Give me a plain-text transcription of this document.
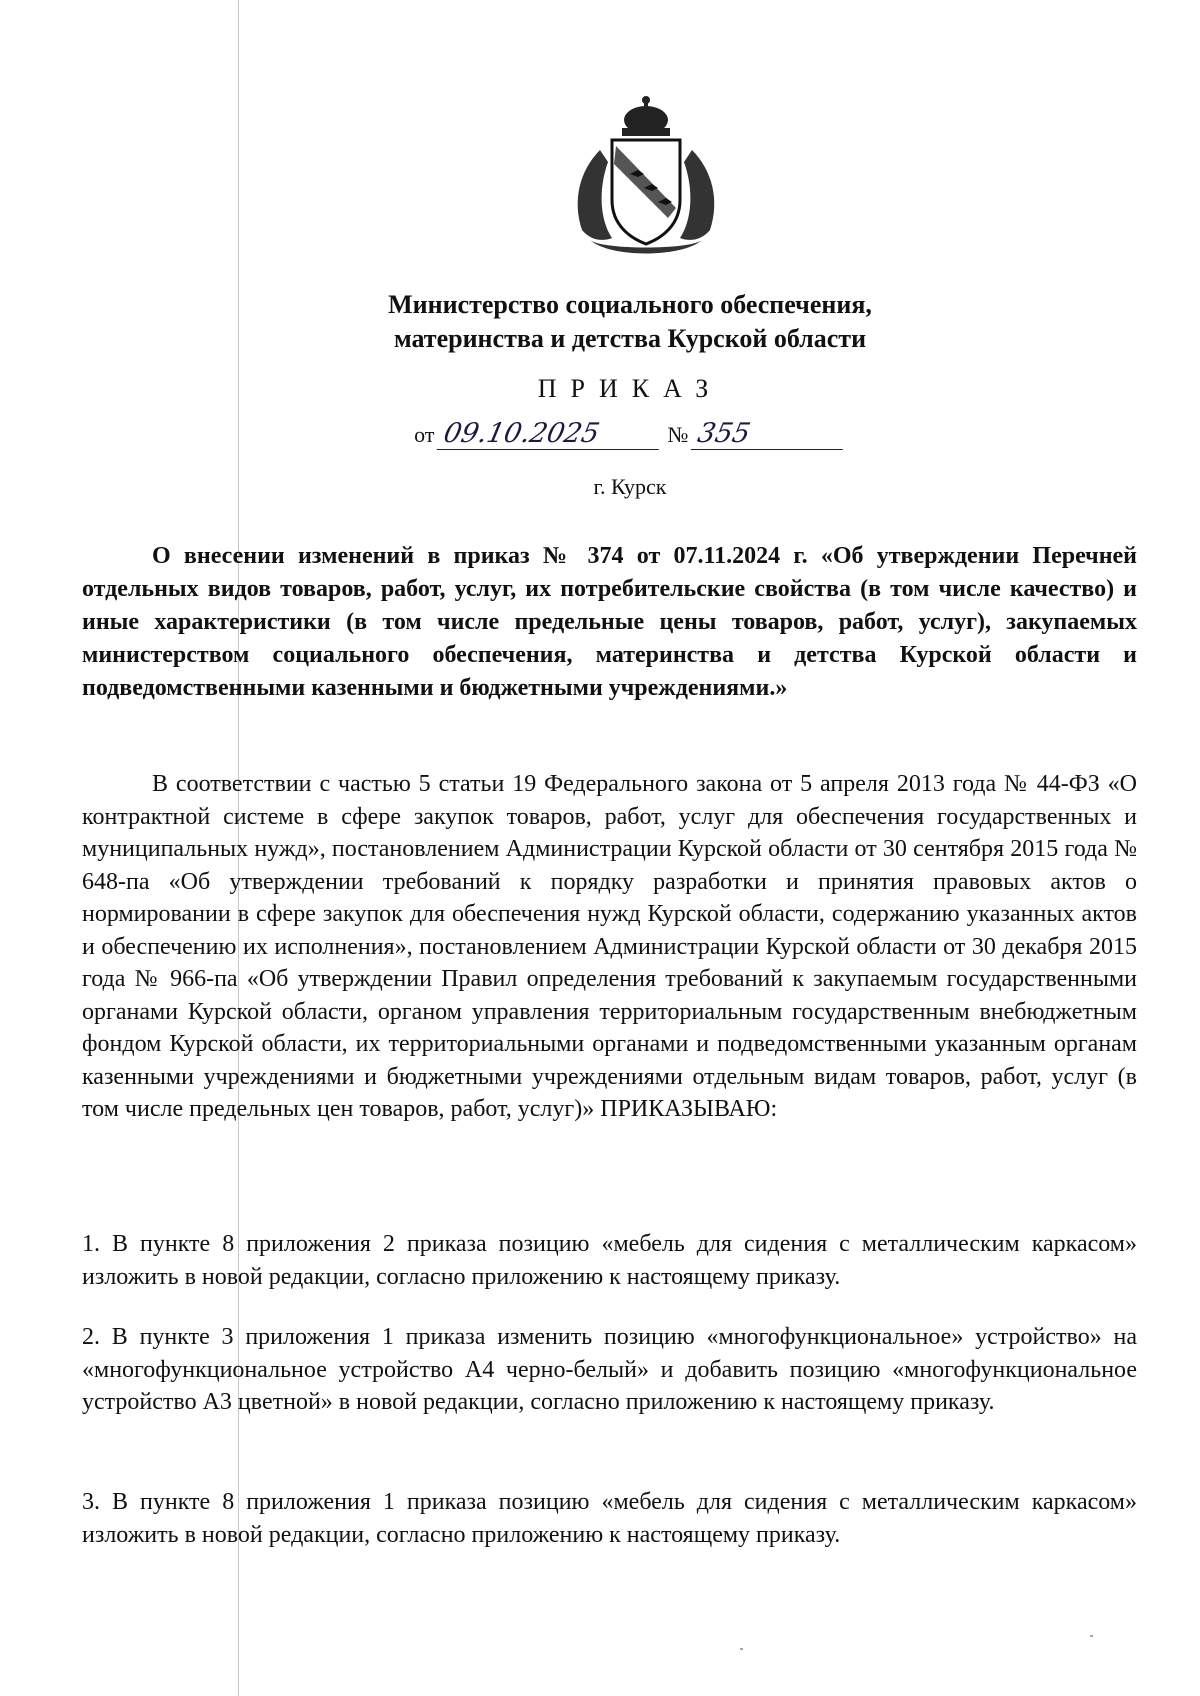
Министерство социального обеспечения,
материнства и детства Курской области
ПРИКАЗ
от 09.10.2025	№ 355
г. Курск
О внесении изменений в приказ № 374 от 07.11.2024 г. «Об утверждении Перечней отдельных видов товаров, работ, услуг, их потребительские свойства (в том числе качество) и иные характеристики (в том числе предельные цены товаров, работ, услуг), закупаемых министерством социального обеспечения, материнства и детства Курской области и подведомственными казенными и бюджетными учреждениями.»
В соответствии с частью 5 статьи 19 Федерального закона от 5 апреля 2013 года № 44-ФЗ «О контрактной системе в сфере закупок товаров, работ, услуг для обеспечения государственных и муниципальных нужд», постановлением Администрации Курской области от 30 сентября 2015 года № 648-па «Об утверждении требований к порядку разработки и принятия правовых актов о нормировании в сфере закупок для обеспечения нужд Курской области, содержанию указанных актов и обеспечению их исполнения», постановлением Администрации Курской области от 30 декабря 2015 года № 966-па «Об утверждении Правил определения требований к закупаемым государственными органами Курской области, органом управления территориальным государственным внебюджетным фондом Курской области, их территориальными органами и подведомственными указанным органам казенными учреждениями и бюджетными учреждениями отдельным видам товаров, работ, услуг (в том числе предельных цен товаров, работ, услуг)» ПРИКАЗЫВАЮ:
1. В пункте 8 приложения 2 приказа позицию «мебель для сидения с металлическим каркасом» изложить в новой редакции, согласно приложению к настоящему приказу.
2. В пункте 3 приложения 1 приказа изменить позицию «многофункциональное» устройство» на «многофункциональное устройство А4 черно-белый» и добавить позицию «многофункциональное устройство А3 цветной» в новой редакции, согласно приложению к настоящему приказу.
3. В пункте 8 приложения 1 приказа позицию «мебель для сидения с металлическим каркасом» изложить в новой редакции, согласно приложению к настоящему приказу.
